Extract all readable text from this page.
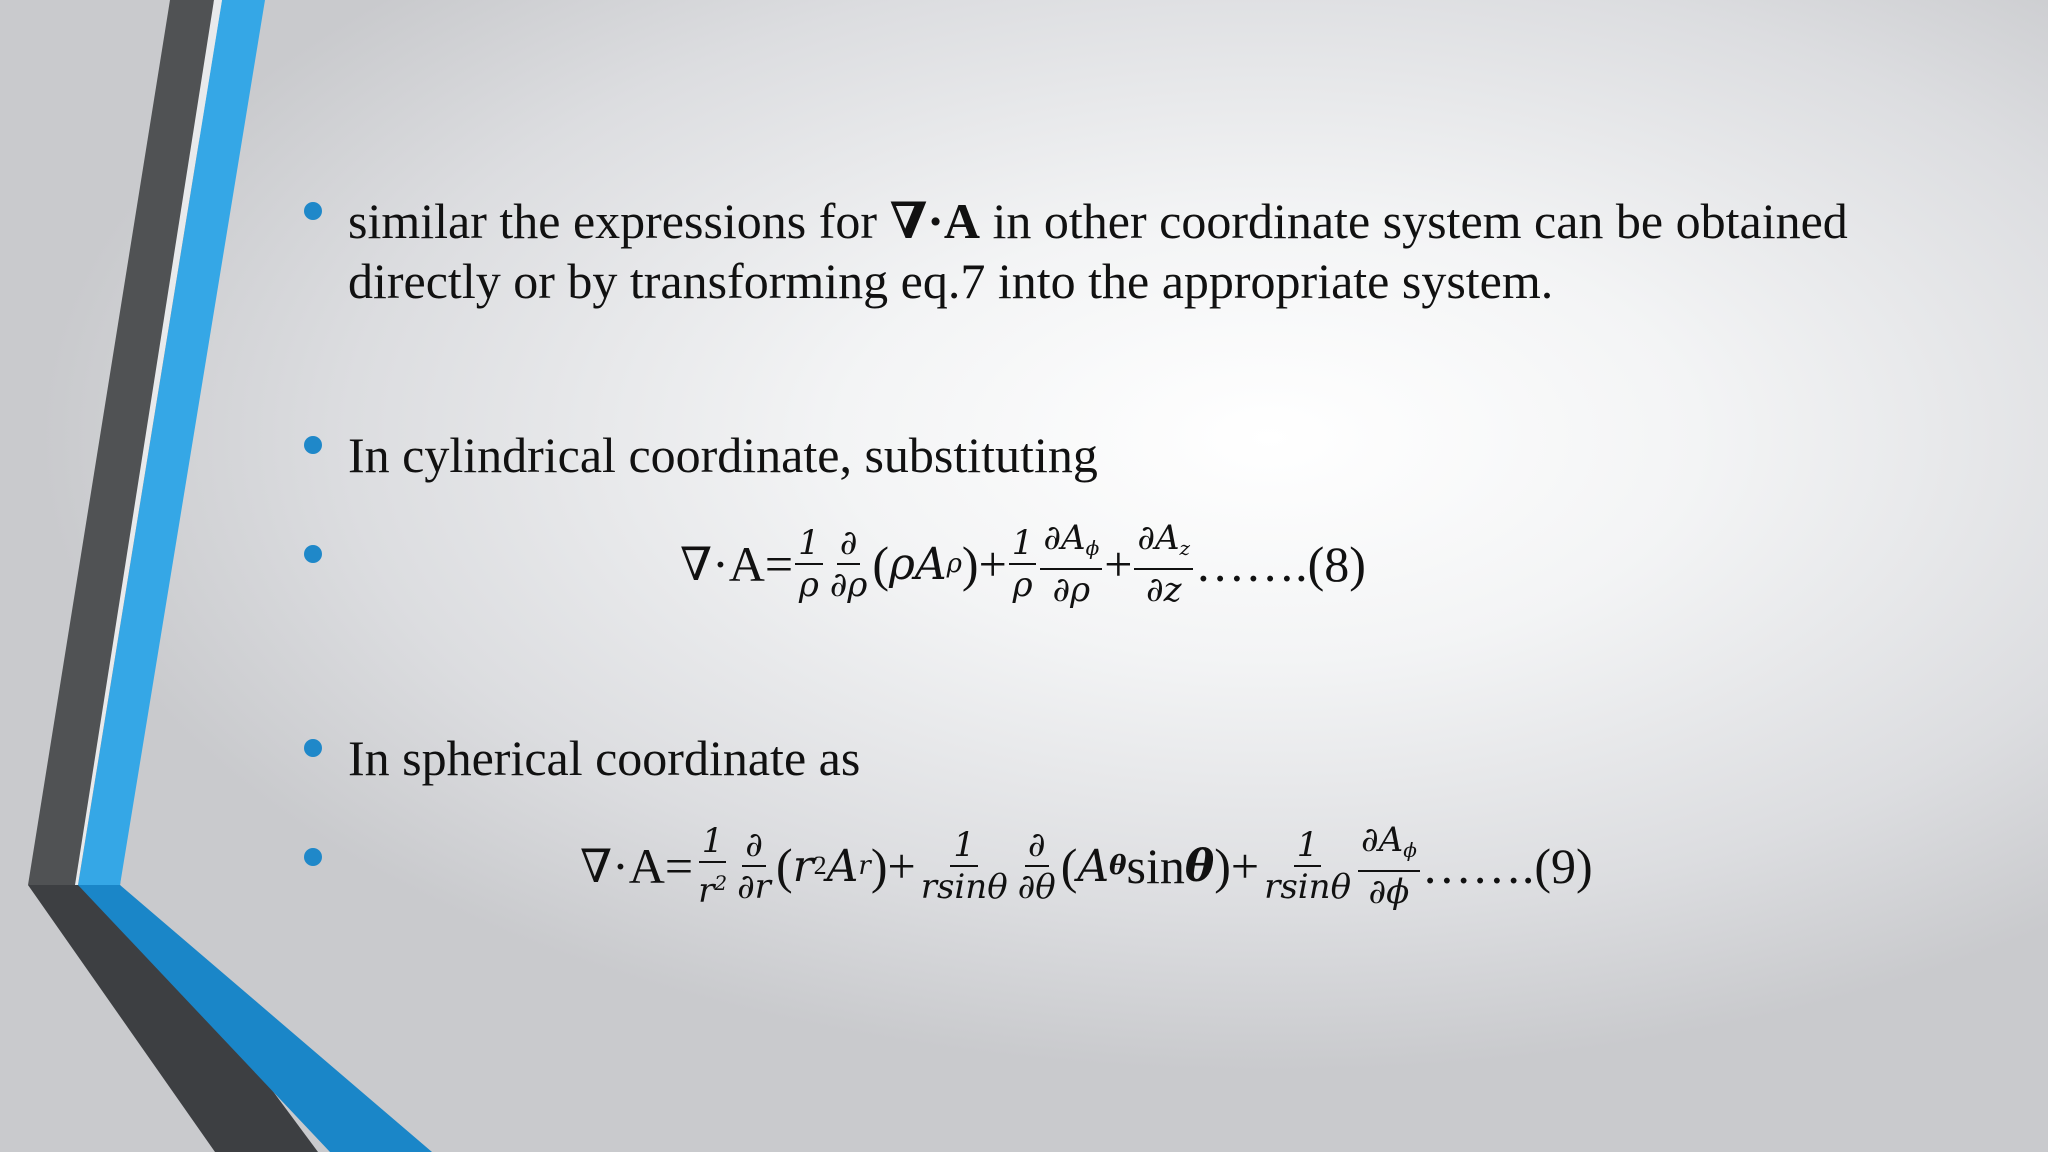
similar the expressions for ∇·A in other coordinate system can be obtained
directly or by transforming eq.7 into the appropriate system.
In cylindrical coordinate, substituting
∇ · $A= \frac{1}{\rho} \frac{\partial}{\partial\rho}$ ( ρA ρ )+ $\frac{1}{\rho} \frac{\partial A\phi}{\partial\rho} + \frac{\partial Az}{\partial z}$ …….(8)
In spherical coordinate as
∇ · $A= \frac{1}{r^2} \frac{\partial}{\partial r}$ ( r 2 A r )+ $\frac{1}{rsin\theta} \frac{\partial}{\partial\theta}$ ( A θ sin θ )+ $\frac{1}{rsin\theta} \frac{\partial A\phi}{\partial\phi}$ …….(9)
